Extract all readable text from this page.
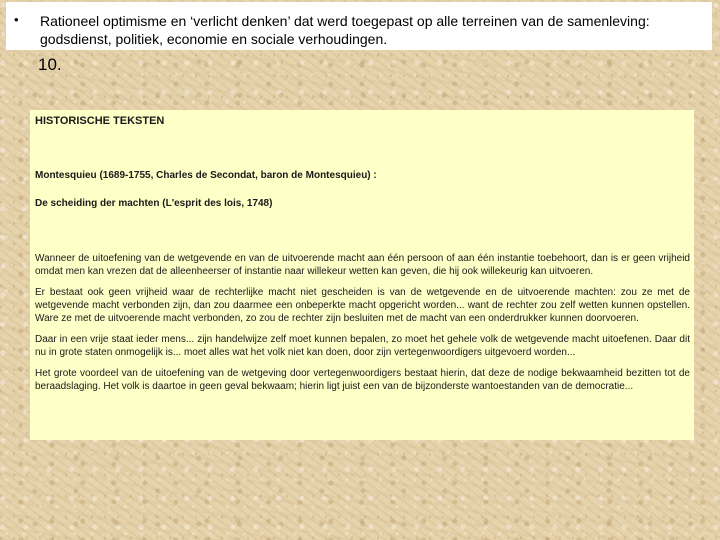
• Rationeel optimisme en ‘verlicht denken’ dat werd toegepast op alle terreinen van de samenleving: godsdienst, politiek, economie en sociale verhoudingen.
10.
HISTORISCHE TEKSTEN
Montesquieu (1689-1755, Charles de Secondat, baron de Montesquieu) :
De scheiding der machten (L'esprit des lois, 1748)
Wanneer de uitoefening van de wetgevende en van de uitvoerende macht aan één persoon of aan één instantie toebehoort, dan is er geen vrijheid omdat men kan vrezen dat de alleenheerser of instantie naar willekeur wetten kan geven, die hij ook willekeurig kan uitvoeren.
Er bestaat ook geen vrijheid waar de rechterlijke macht niet gescheiden is van de wetgevende en de uitvoerende machten: zou ze met de wetgevende macht verbonden zijn, dan zou daarmee een onbeperkte macht opgericht worden... want de rechter zou zelf wetten kunnen opstellen. Ware ze met de uitvoerende macht verbonden, zo zou de rechter zijn besluiten met de macht van een onderdrukker kunnen doorvoeren.
Daar in een vrije staat ieder mens... zijn handelwijze zelf moet kunnen bepalen, zo moet het gehele volk de wetgevende macht uitoefenen. Daar dit nu in grote staten onmogelijk is... moet alles wat het volk niet kan doen, door zijn vertegenwoordigers uitgevoerd worden...
Het grote voordeel van de uitoefening van de wetgeving door vertegenwoordigers bestaat hierin, dat deze de nodige bekwaamheid bezitten tot de beraadslaging. Het volk is daartoe in geen geval bekwaam; hierin ligt juist een van de bijzonderste wantoestanden van de democratie...
